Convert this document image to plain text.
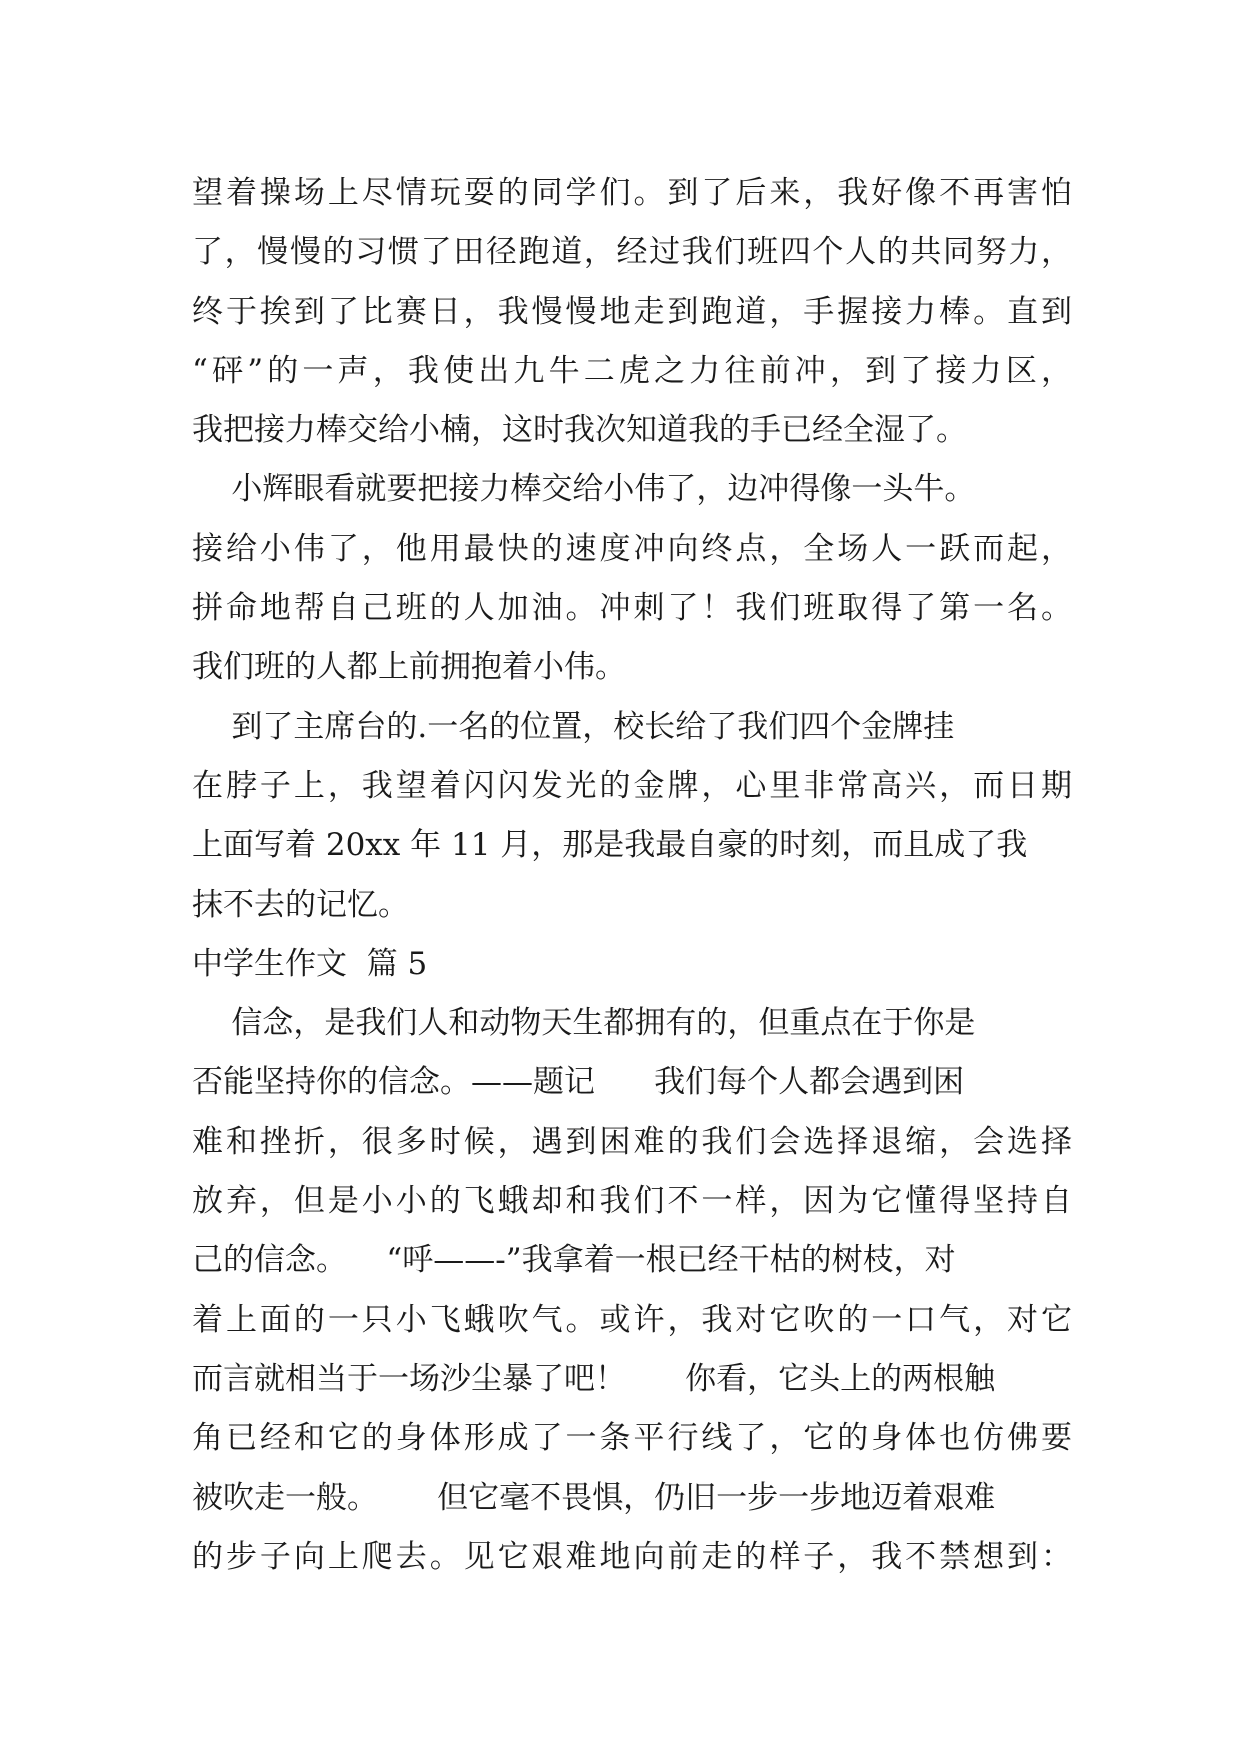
望着操场上尽情玩耍的同学们。到了后来，我好像不再害怕
了，慢慢的习惯了田径跑道，经过我们班四个人的共同努力，
终于挨到了比赛日，我慢慢地走到跑道，手握接力棒。直到
“砰”的一声，我使出九牛二虎之力往前冲，到了接力区，
我把接力棒交给小楠，这时我次知道我的手已经全湿了。
小辉眼看就要把接力棒交给小伟了，边冲得像一头牛。
接给小伟了，他用最快的速度冲向终点，全场人一跃而起，
拼命地帮自己班的人加油。冲刺了！我们班取得了第一名。
我们班的人都上前拥抱着小伟。
到了主席台的.一名的位置，校长给了我们四个金牌挂
在脖子上，我望着闪闪发光的金牌，心里非常高兴，而日期
上面写着 20xx 年 11 月，那是我最自豪的时刻，而且成了我
抹不去的记忆。
中学生作文  篇 5
信念，是我们人和动物天生都拥有的，但重点在于你是
否能坚持你的信念。——题记      我们每个人都会遇到困
难和挫折，很多时候，遇到困难的我们会选择退缩，会选择
放弃，但是小小的飞蛾却和我们不一样，因为它懂得坚持自
己的信念。    “呼——-”我拿着一根已经干枯的树枝，对
着上面的一只小飞蛾吹气。或许，我对它吹的一口气，对它
而言就相当于一场沙尘暴了吧！      你看，它头上的两根触
角已经和它的身体形成了一条平行线了，它的身体也仿佛要
被吹走一般。      但它毫不畏惧，仍旧一步一步地迈着艰难
的步子向上爬去。见它艰难地向前走的样子，我不禁想到：
